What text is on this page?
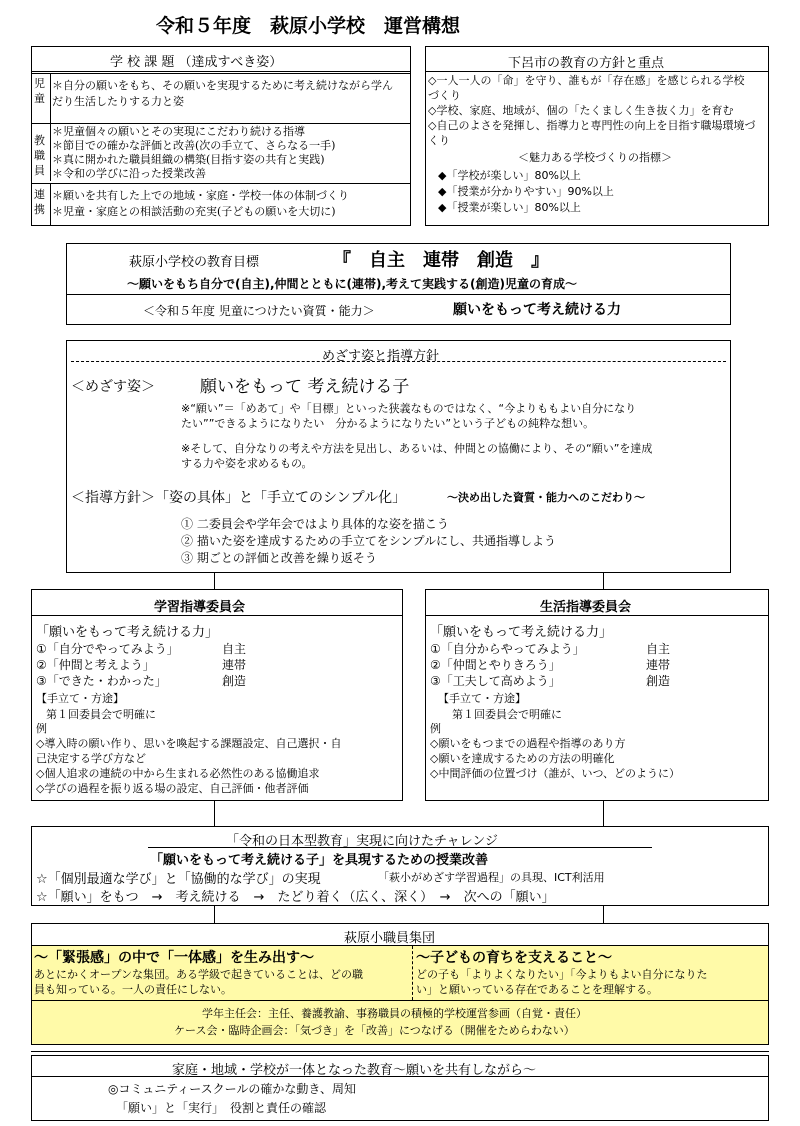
令和５年度　萩原小学校　運営構想
学 校 課 題 （達成すべき姿）
児童
＊自分の願いをもち、その願いを実現するために考え続けながら学ん
だり生活したりする力と姿
教職員
＊児童個々の願いとその実現にこだわり続ける指導
＊節目での確かな評価と改善(次の手立て、さらなる一手)
＊真に開かれた職員組織の構築(目指す姿の共有と実践)
＊令和の学びに沿った授業改善
連携
＊願いを共有した上での地域・家庭・学校一体の体制づくり
＊児童・家庭との相談活動の充実(子どもの願いを大切に)
下呂市の教育の方針と重点
◇一人一人の「命」を守り、誰もが「存在感」を感じられる学校
づくり
◇学校、家庭、地域が、個の「たくましく生き抜く力」を育む
◇自己のよさを発揮し、指導力と専門性の向上を目指す職場環境づ
くり
＜魅力ある学校づくりの指標＞
◆「学校が楽しい」80%以上
◆「授業が分かりやすい」90%以上
◆「授業が楽しい」80%以上
萩原小学校の教育目標	『　自主　連帯　創造　』
～願いをもち自分で(自主),仲間とともに(連帯),考えて実践する(創造)児童の育成～
＜令和５年度 児童につけたい資質・能力＞	願いをもって考え続ける力
めざす姿と指導方針
＜めざす姿＞	願いをもって 考え続ける子
※“願い”＝「めあて」や「目標」といった狭義なものではなく、“今よりももよい自分になり
たい””できるようになりたい　分かるようになりたい”という子どもの純粋な想い。
※そして、自分なりの考えや方法を見出し、あるいは、仲間との協働により、その“願い”を達成
する力や姿を求めるもの。
＜指導方針＞「姿の具体」と「手立てのシンプル化」	～決め出した資質・能力へのこだわり～
① 二委員会や学年会ではより具体的な姿を描こう
② 描いた姿を達成するための手立てをシンプルにし、共通指導しよう
③ 期ごとの評価と改善を繰り返そう
学習指導委員会
「願いをもって考え続ける力」
①「自分でやってみよう」	自主
②「仲間と考えよう」	連帯
③「できた・わかった」	創造
【手立て・方途】
第１回委員会で明確に
例
◇導入時の願い作り、思いを喚起する課題設定、自己選択・自
己決定する学び方など
◇個人追求の連続の中から生まれる必然性のある協働追求
◇学びの過程を振り返る場の設定、自己評価・他者評価
生活指導委員会
「願いをもって考え続ける力」
①「自分からやってみよう」	自主
②「仲間とやりきろう」	連帯
③「工夫して高めよう」	創造
【手立て・方途】
第１回委員会で明確に
例
◇願いをもつまでの過程や指導のあり方
◇願いを達成するための方法の明確化
◇中間評価の位置づけ（誰が、いつ、どのように）
「令和の日本型教育」実現に向けたチャレンジ
「願いをもって考え続ける子」を具現するための授業改善
☆「個別最適な学び」と「協働的な学び」の実現	「萩小がめざす学習過程」の具現、ICT利活用
☆「願い」をもつ　→　考え続ける　→　たどり着く（広く、深く）　→　次への「願い」
萩原小職員集団
～「緊張感」の中で「一体感」を生み出す～
あとにかくオープンな集団。ある学級で起きていることは、どの職
員も知っている。一人の責任にしない。
～子どもの育ちを支えること～
どの子も「よりよくなりたい」「今よりもよい自分になりた
い」と願いっている存在であることを理解する。
学年主任会：主任、養護教諭、事務職員の積極的学校運営参画（自覚・責任）
ケース会・臨時企画会：「気づき」を「改善」につなげる（開催をためらわない）
家庭・地域・学校が一体となった教育～願いを共有しながら～
◎コミュニティースクールの確かな動き、周知
「願い」と「実行」　役割と責任の確認
